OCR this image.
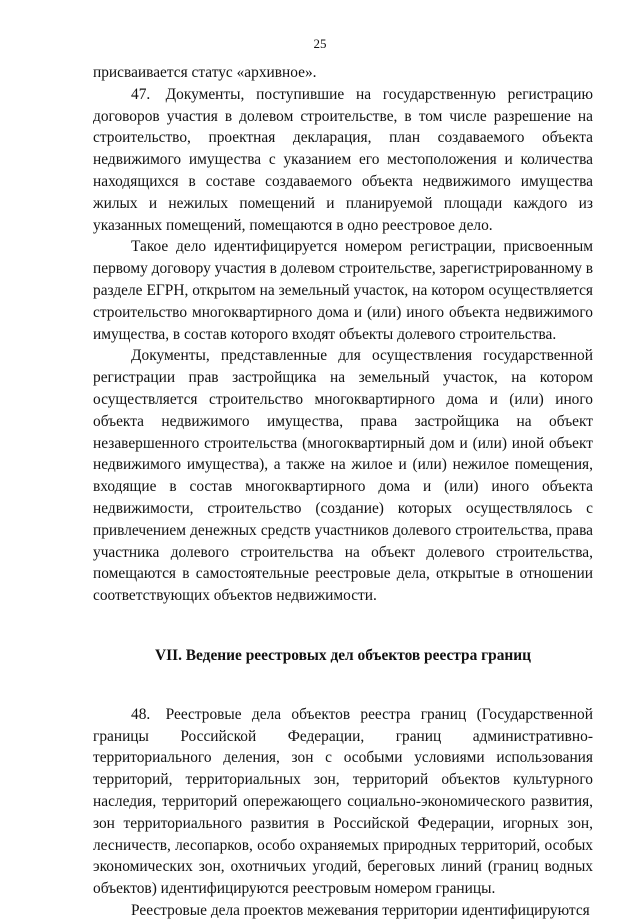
25

присваивается статус «архивное».

47. Документы, поступившие на государственную регистрацию договоров участия в долевом строительстве, в том числе разрешение на строительство, проектная декларация, план создаваемого объекта недвижимого имущества с указанием его местоположения и количества находящихся в составе создаваемого объекта недвижимого имущества жилых и нежилых помещений и планируемой площади каждого из указанных помещений, помещаются в одно реестровое дело.

Такое дело идентифицируется номером регистрации, присвоенным первому договору участия в долевом строительстве, зарегистрированному в разделе ЕГРН, открытом на земельный участок, на котором осуществляется строительство многоквартирного дома и (или) иного объекта недвижимого имущества, в состав которого входят объекты долевого строительства.

Документы, представленные для осуществления государственной регистрации прав застройщика на земельный участок, на котором осуществляется строительство многоквартирного дома и (или) иного объекта недвижимого имущества, права застройщика на объект незавершенного строительства (многоквартирный дом и (или) иной объект недвижимого имущества), а также на жилое и (или) нежилое помещения, входящие в состав многоквартирного дома и (или) иного объекта недвижимости, строительство (создание) которых осуществлялось с привлечением денежных средств участников долевого строительства, права участника долевого строительства на объект долевого строительства, помещаются в самостоятельные реестровые дела, открытые в отношении соответствующих объектов недвижимости.

VII. Ведение реестровых дел объектов реестра границ

48. Реестровые дела объектов реестра границ (Государственной границы Российской Федерации, границ административно-территориального деления, зон с особыми условиями использования территорий, территориальных зон, территорий объектов культурного наследия, территорий опережающего социально-экономического развития, зон территориального развития в Российской Федерации, игорных зон, лесничеств, лесопарков, особо охраняемых природных территорий, особых экономических зон, охотничьих угодий, береговых линий (границ водных объектов) идентифицируются реестровым номером границы.

Реестровые дела проектов межевания территории идентифицируются
